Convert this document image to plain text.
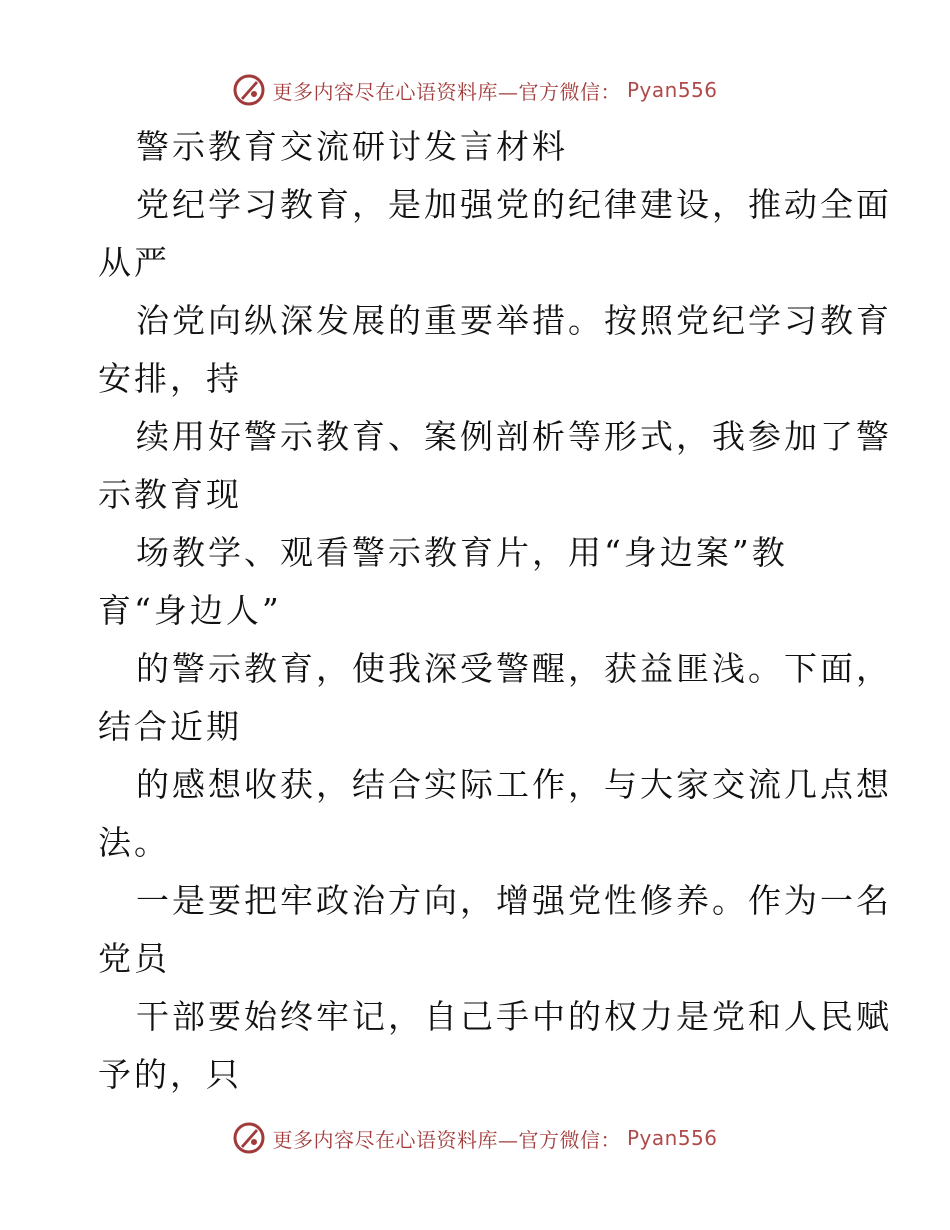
更多内容尽在心语资料库—官方微信： Pyan556
警示教育交流研讨发言材料
党纪学习教育，是加强党的纪律建设，推动全面
从严
治党向纵深发展的重要举措。按照党纪学习教育
安排，持
续用好警示教育、案例剖析等形式，我参加了警
示教育现
场教学、观看警示教育片，用“身边案”教
育“身边人”
的警示教育，使我深受警醒，获益匪浅。下面，
结合近期
的感想收获，结合实际工作，与大家交流几点想
法。
一是要把牢政治方向，增强党性修养。作为一名
党员
干部要始终牢记，自己手中的权力是党和人民赋
予的，只
更多内容尽在心语资料库—官方微信： Pyan556
